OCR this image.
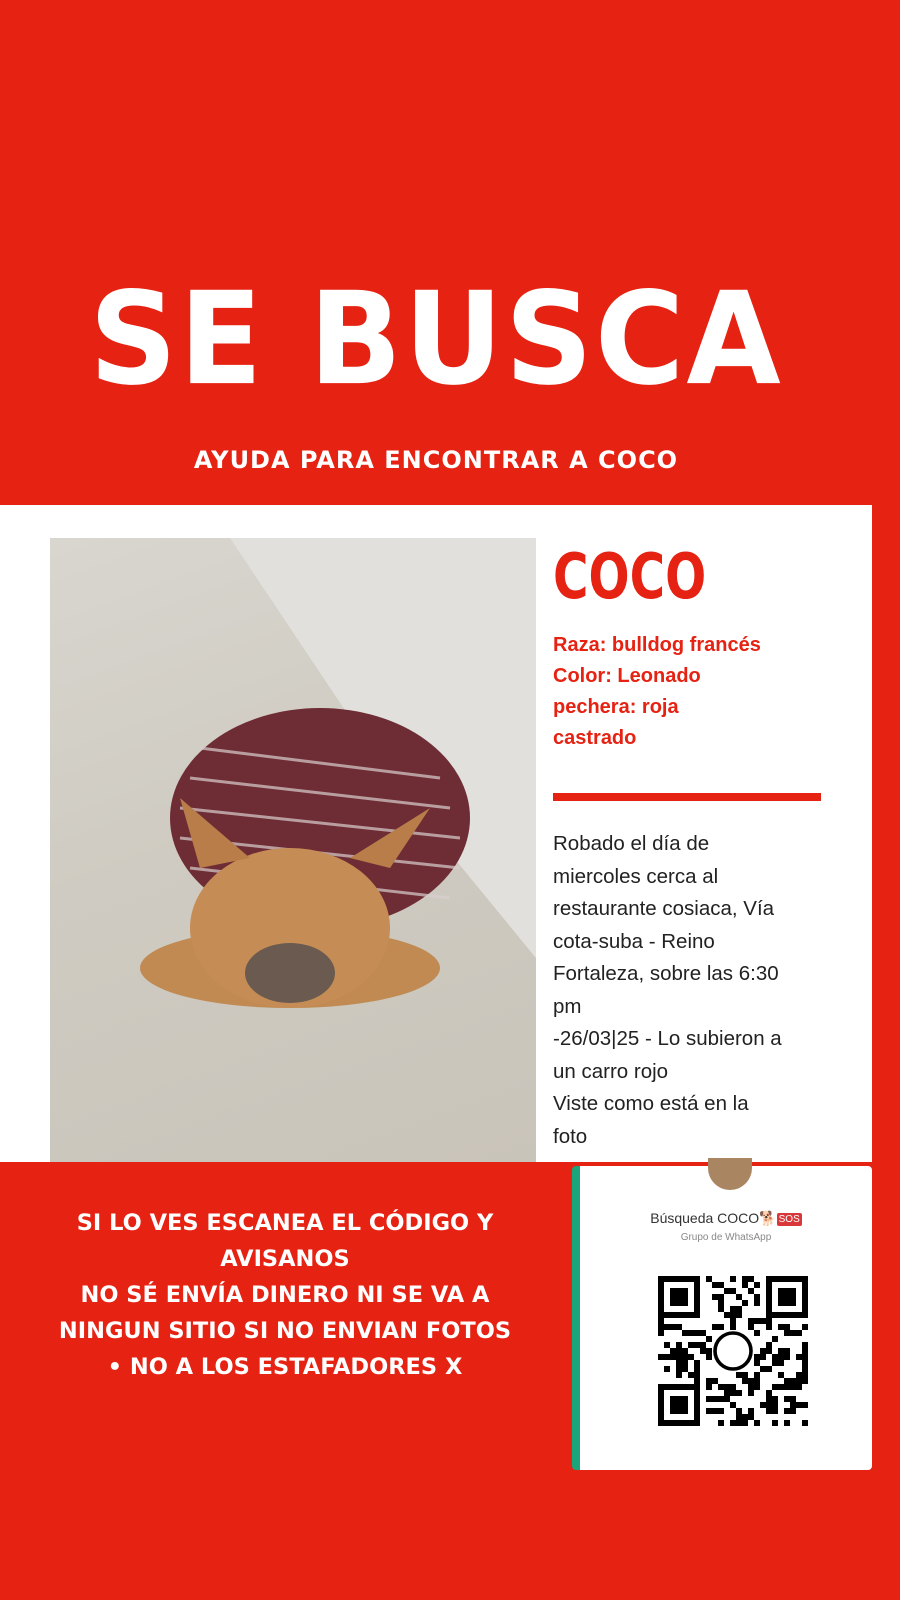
SE BUSCA
AYUDA PARA ENCONTRAR A COCO
COCO
Raza: bulldog francés
Color: Leonado
pechera: roja
castrado
Robado el día de
miercoles cerca al
restaurante cosiaca, Vía
cota-suba - Reino
Fortaleza, sobre las 6:30
pm
-26/03|25 - Lo subieron a
un carro rojo
Viste como está en la
foto
SI LO VES ESCANEA EL CÓDIGO Y
AVISANOS
NO SÉ ENVÍA DINERO NI SE VA A
NINGUN SITIO SI NO ENVIAN FOTOS
• NO A LOS ESTAFADORES X
Búsqueda COCO🐕 SOS
Grupo de WhatsApp
